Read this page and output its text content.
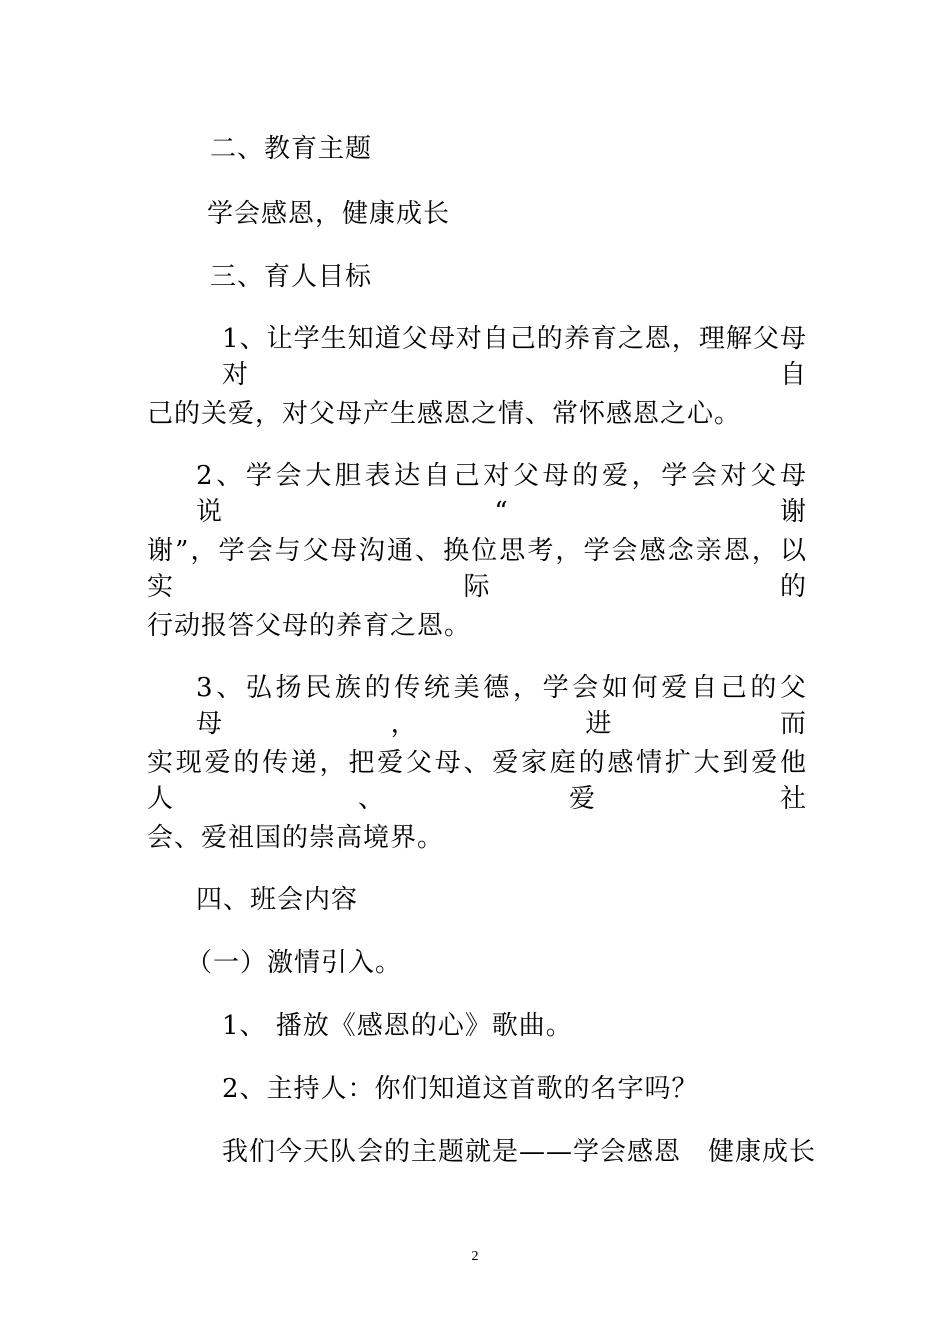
二、教育主题
学会感恩，健康成长
三、育人目标
1、让学生知道父母对自己的养育之恩，理解父母对自
己的关爱，对父母产生感恩之情、常怀感恩之心。
2、学会大胆表达自己对父母的爱，学会对父母说“谢
谢”，学会与父母沟通、换位思考，学会感念亲恩，以实际的
行动报答父母的养育之恩。
3、弘扬民族的传统美德，学会如何爱自己的父母，进而
实现爱的传递，把爱父母、爱家庭的感情扩大到爱他人、爱社
会、爱祖国的崇高境界。
四、班会内容
（一）激情引入。
1、 播放《感恩的心》歌曲。
2、主持人：你们知道这首歌的名字吗？
我们今天队会的主题就是——学会感恩　健康成长
2
